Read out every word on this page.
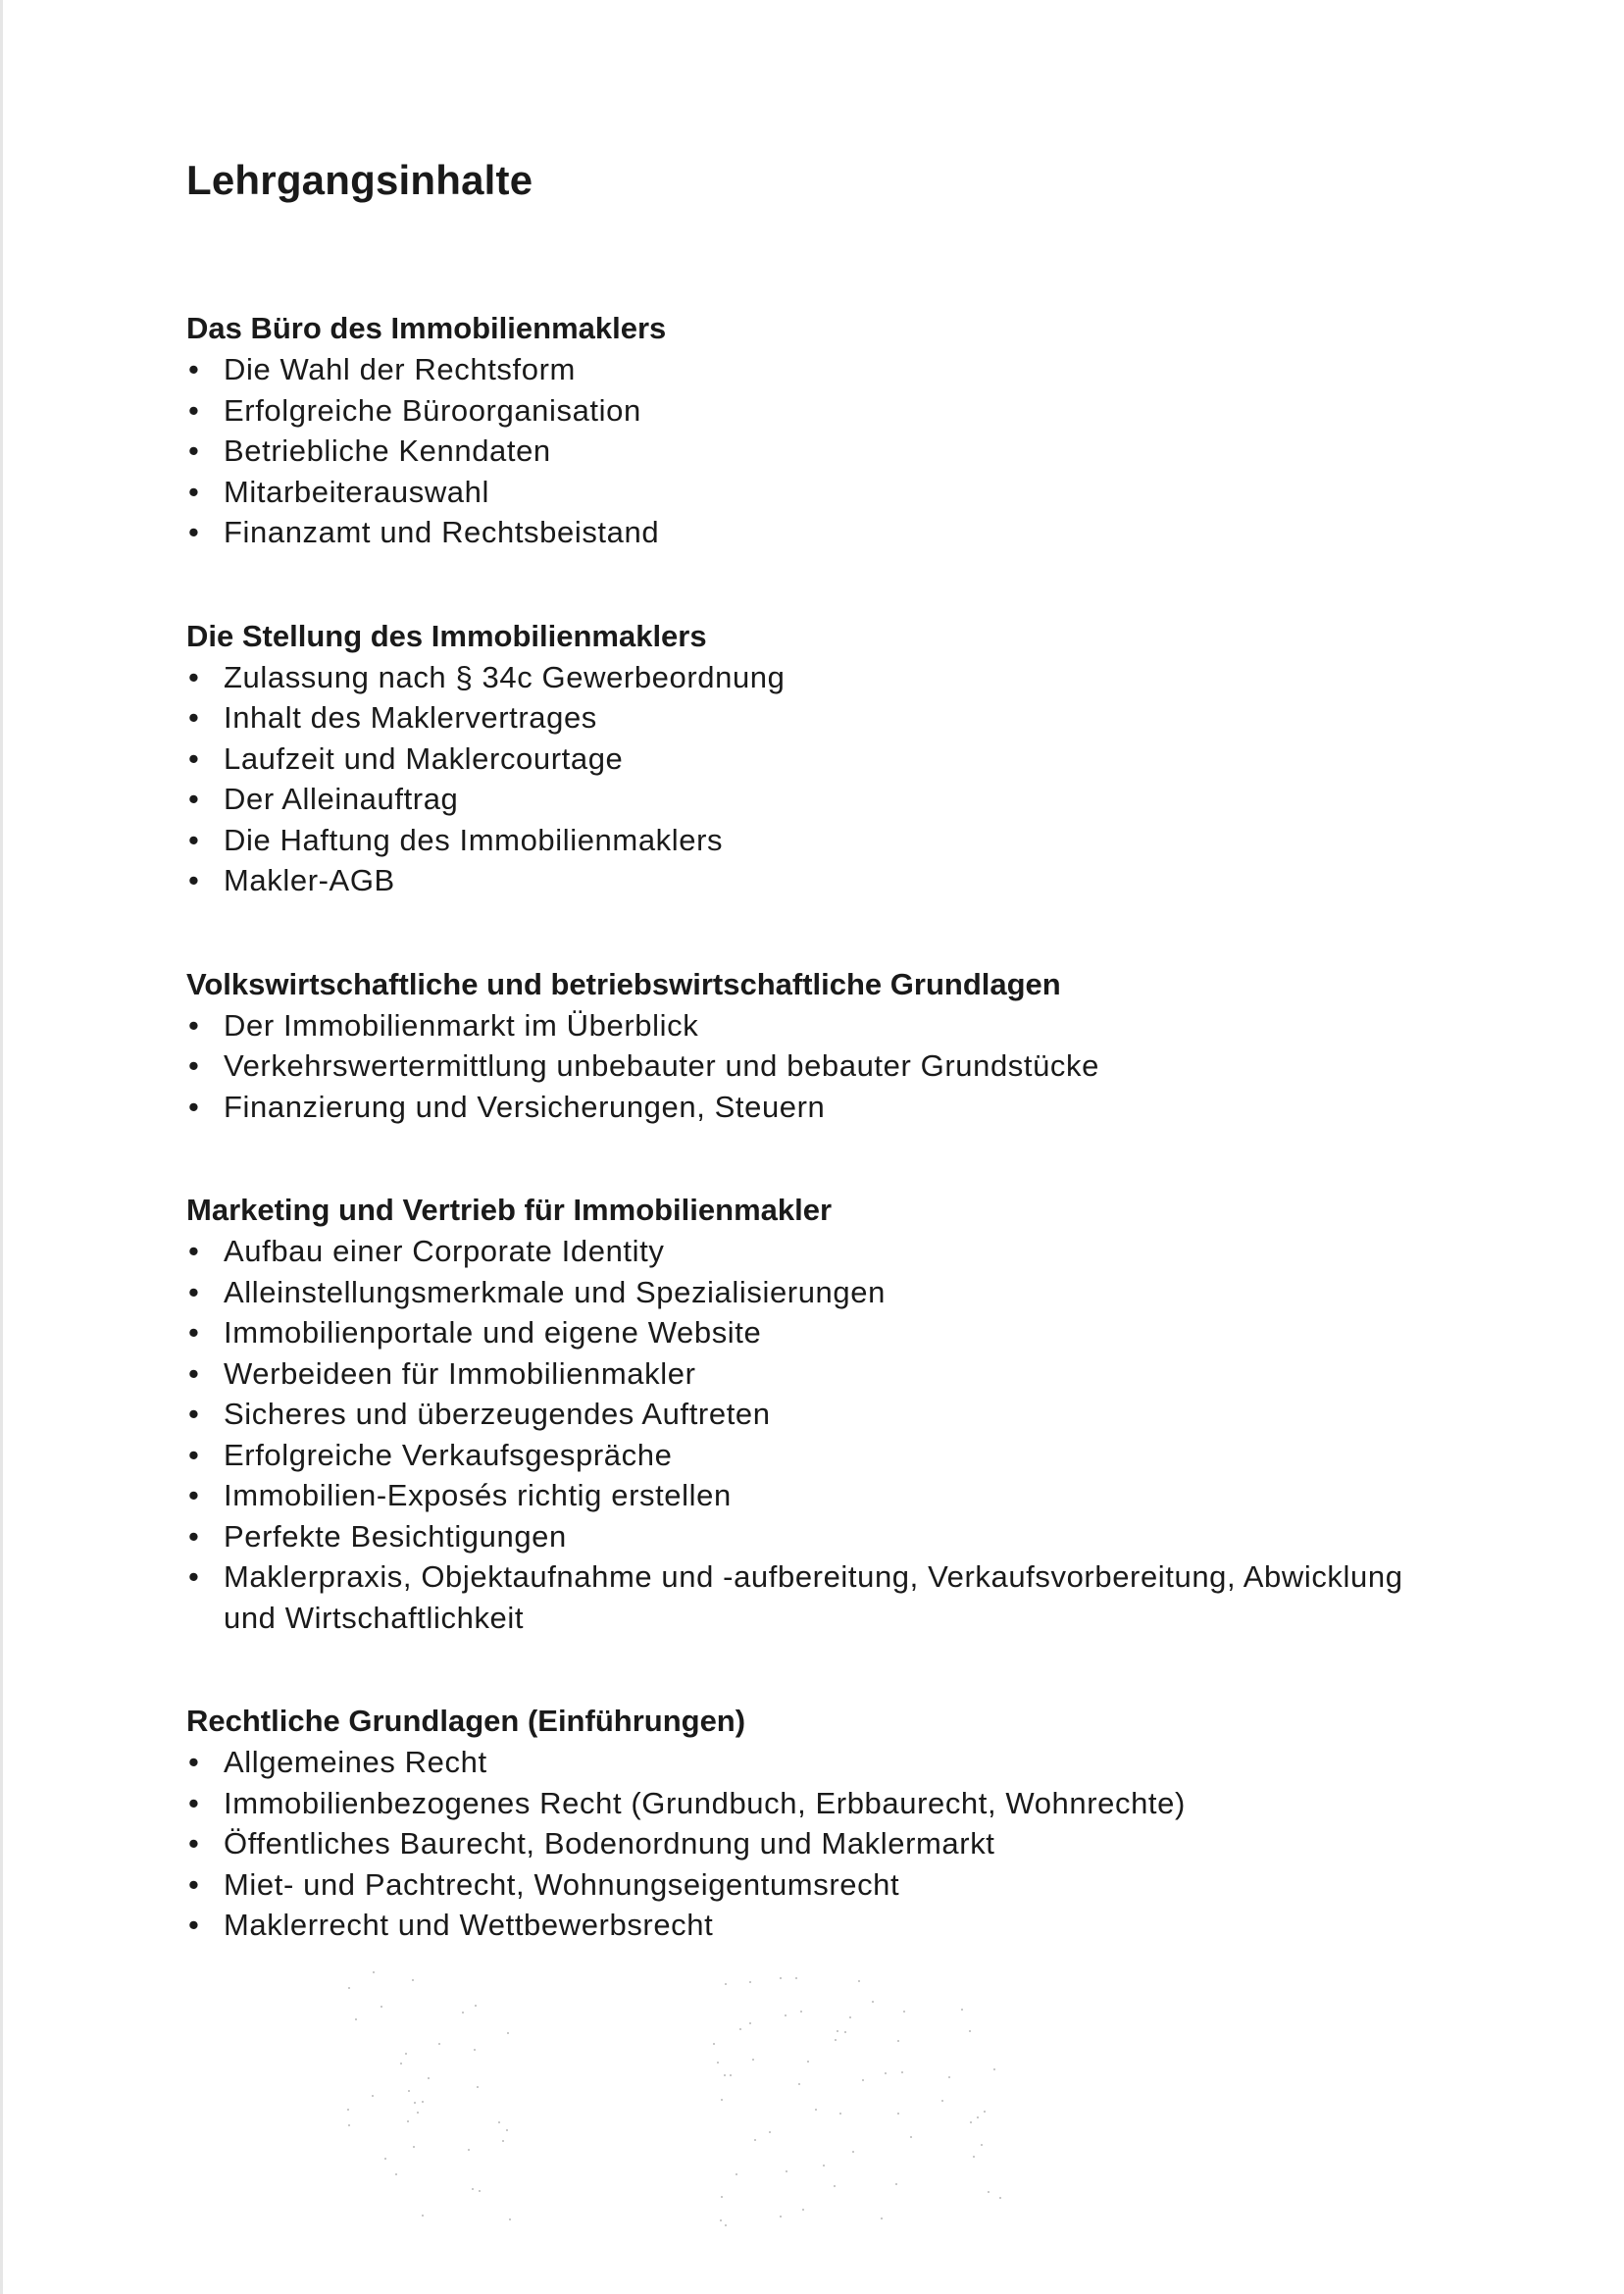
Lehrgangsinhalte
Das Büro des Immobilienmaklers
• Die Wahl der Rechtsform
• Erfolgreiche Büroorganisation
• Betriebliche Kenndaten
• Mitarbeiterauswahl
• Finanzamt und Rechtsbeistand
Die Stellung des Immobilienmaklers
• Zulassung nach § 34c Gewerbeordnung
• Inhalt des Maklervertrages
• Laufzeit und Maklercourtage
• Der Alleinauftrag
• Die Haftung des Immobilienmaklers
• Makler-AGB
Volkswirtschaftliche und betriebswirtschaftliche Grundlagen
• Der Immobilienmarkt im Überblick
• Verkehrswertermittlung unbebauter und bebauter Grundstücke
• Finanzierung und Versicherungen, Steuern
Marketing und Vertrieb für Immobilienmakler
• Aufbau einer Corporate Identity
• Alleinstellungsmerkmale und Spezialisierungen
• Immobilienportale und eigene Website
• Werbeideen für Immobilienmakler
• Sicheres und überzeugendes Auftreten
• Erfolgreiche Verkaufsgespräche
• Immobilien-Exposés richtig erstellen
• Perfekte Besichtigungen
• Maklerpraxis, Objektaufnahme und -aufbereitung, Verkaufsvorbereitung, Abwicklung und Wirtschaftlichkeit
Rechtliche Grundlagen (Einführungen)
• Allgemeines Recht
• Immobilienbezogenes Recht (Grundbuch, Erbbaurecht, Wohnrechte)
• Öffentliches Baurecht, Bodenordnung und Maklermarkt
• Miet- und Pachtrecht, Wohnungseigentumsrecht
• Maklerrecht und Wettbewerbsrecht
